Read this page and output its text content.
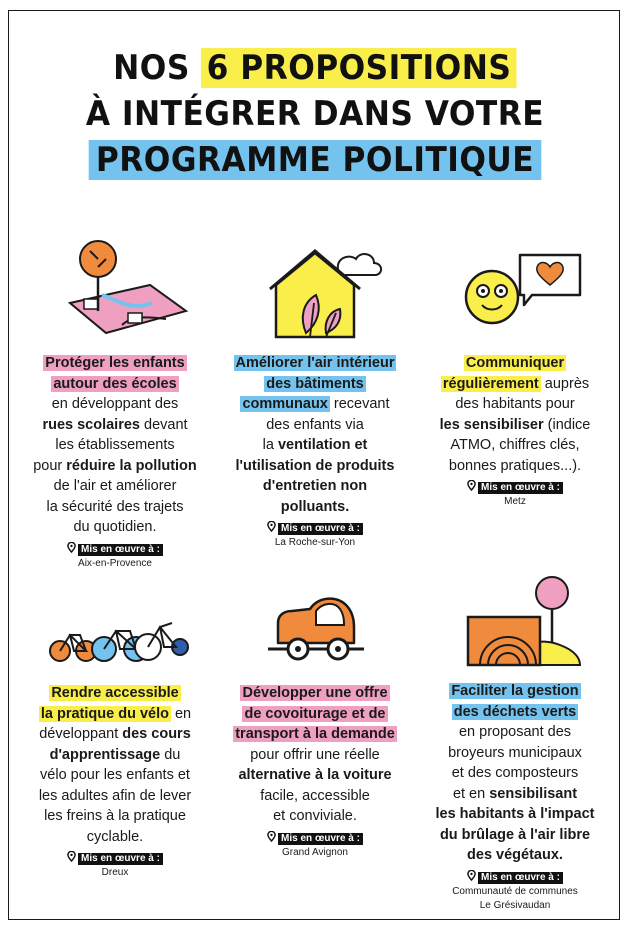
NOS 6 PROPOSITIONS
À INTÉGRER DANS VOTRE
PROGRAMME POLITIQUE
Protéger les enfants
autour des écoles
en développant des
rues scolaires devant
les établissements
pour réduire la pollution
de l'air et améliorer
la sécurité des trajets
du quotidien.
Mis en œuvre à :
Aix-en-Provence
Améliorer l'air intérieur
des bâtiments
communaux recevant
des enfants via
la ventilation et
l'utilisation de produits
d'entretien non
polluants.
Mis en œuvre à :
La Roche-sur-Yon
Communiquer
régulièrement auprès
des habitants pour
les sensibiliser (indice
ATMO, chiffres clés,
bonnes pratiques...).
Mis en œuvre à :
Metz
Rendre accessible
la pratique du vélo en
développant des cours
d'apprentissage du
vélo pour les enfants et
les adultes afin de lever
les freins à la pratique
cyclable.
Mis en œuvre à :
Dreux
Développer une offre
de covoiturage et de
transport à la demande
pour offrir une réelle
alternative à la voiture
facile, accessible
et conviviale.
Mis en œuvre à :
Grand Avignon
Faciliter la gestion
des déchets verts
en proposant des
broyeurs municipaux
et des composteurs
et en sensibilisant
les habitants à l'impact
du brûlage à l'air libre
des végétaux.
Mis en œuvre à :
Communauté de communes
Le Grésivaudan
